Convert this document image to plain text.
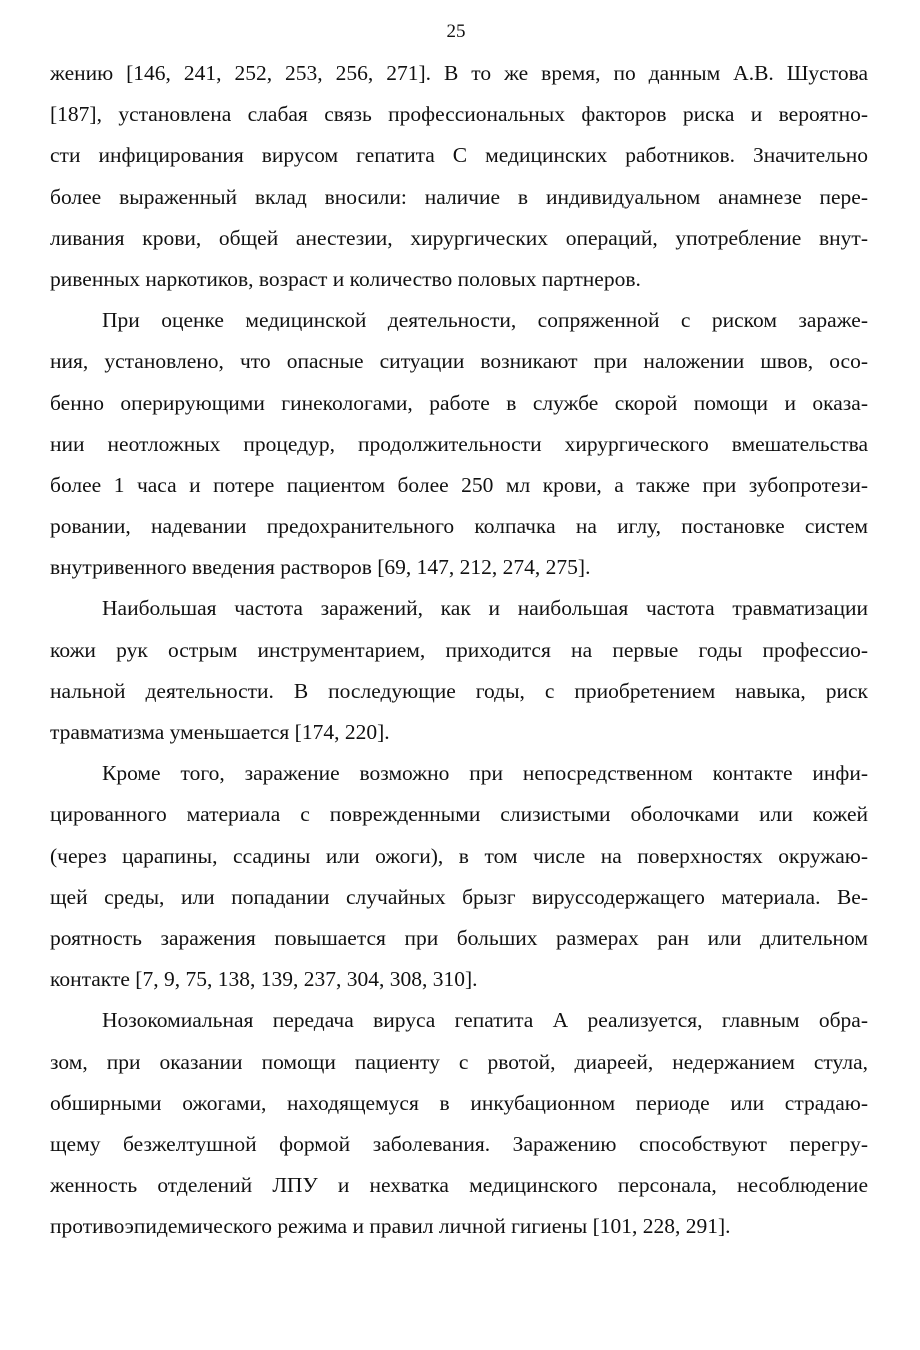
25
жению [146, 241, 252, 253, 256, 271]. В то же время, по данным А.В. Шустова
[187], установлена слабая связь профессиональных факторов риска и вероятно-
сти инфицирования вирусом гепатита С медицинских работников. Значительно
более выраженный вклад вносили: наличие в индивидуальном анамнезе пере-
ливания крови, общей анестезии, хирургических операций, употребление внут-
ривенных наркотиков, возраст и количество половых партнеров.
При оценке медицинской деятельности, сопряженной с риском зараже-
ния, установлено, что опасные ситуации возникают при наложении швов, осо-
бенно оперирующими гинекологами, работе в службе скорой помощи и оказа-
нии неотложных процедур, продолжительности хирургического вмешательства
более 1 часа и потере пациентом более 250 мл крови, а также при зубопротези-
ровании, надевании предохранительного колпачка на иглу, постановке систем
внутривенного введения растворов [69, 147, 212, 274, 275].
Наибольшая частота заражений, как и наибольшая частота травматизации
кожи рук острым инструментарием, приходится на первые годы профессио-
нальной деятельности. В последующие годы, с приобретением навыка, риск
травматизма уменьшается [174, 220].
Кроме того, заражение возможно при непосредственном контакте инфи-
цированного материала с поврежденными слизистыми оболочками или кожей
(через царапины, ссадины или ожоги), в том числе на поверхностях окружаю-
щей среды, или попадании случайных брызг вируссодержащего материала. Ве-
роятность заражения повышается при больших размерах ран или длительном
контакте [7, 9, 75, 138, 139, 237, 304, 308, 310].
Нозокомиальная передача вируса гепатита А реализуется, главным обра-
зом, при оказании помощи пациенту с рвотой, диареей, недержанием стула,
обширными ожогами, находящемуся в инкубационном периоде или страдаю-
щему безжелтушной формой заболевания. Заражению способствуют перегру-
женность отделений ЛПУ и нехватка медицинского персонала, несоблюдение
противоэпидемического режима и правил личной гигиены [101, 228, 291].
